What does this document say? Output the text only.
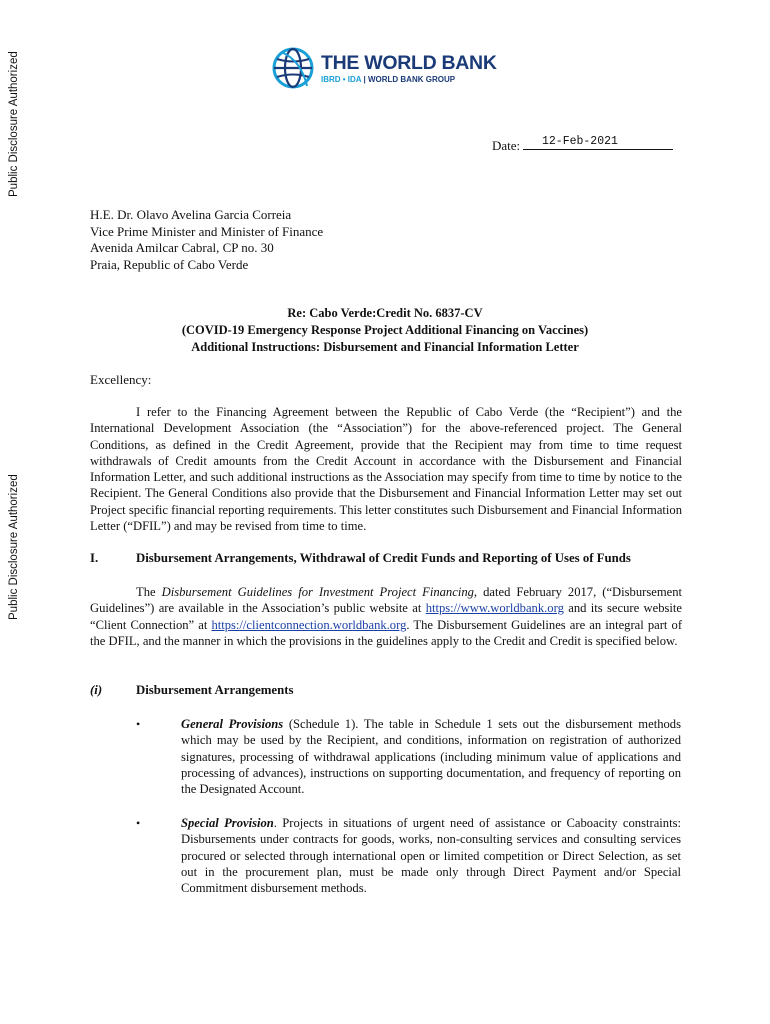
Public Disclosure Authorized
Public Disclosure Authorized
THE WORLD BANK
IBRD • IDA | WORLD BANK GROUP
12-Feb-2021
Date:
H.E. Dr. Olavo Avelina Garcia Correia
Vice Prime Minister and Minister of Finance
Avenida Amilcar Cabral, CP no. 30
Praia, Republic of Cabo Verde
Re: Cabo Verde:Credit No. 6837-CV
(COVID-19 Emergency Response Project Additional Financing on Vaccines)
Additional Instructions: Disbursement and Financial Information Letter
Excellency:
I refer to the Financing Agreement between the Republic of Cabo Verde (the “Recipient”) and the International Development Association (the “Association”) for the above-referenced project. The General Conditions, as defined in the Credit Agreement, provide that the Recipient may from time to time request withdrawals of Credit amounts from the Credit Account in accordance with the Disbursement and Financial Information Letter, and such additional instructions as the Association may specify from time to time by notice to the Recipient. The General Conditions also provide that the Disbursement and Financial Information Letter may set out Project specific financial reporting requirements. This letter constitutes such Disbursement and Financial Information Letter (“DFIL”) and may be revised from time to time.
I.	Disbursement Arrangements, Withdrawal of Credit Funds and Reporting of Uses of Funds
The Disbursement Guidelines for Investment Project Financing, dated February 2017, (“Disbursement Guidelines”) are available in the Association’s public website at https://www.worldbank.org and its secure website “Client Connection” at https://clientconnection.worldbank.org. The Disbursement Guidelines are an integral part of the DFIL, and the manner in which the provisions in the guidelines apply to the Credit and Credit is specified below.
(i)	Disbursement Arrangements
•	General Provisions (Schedule 1). The table in Schedule 1 sets out the disbursement methods which may be used by the Recipient, and conditions, information on registration of authorized signatures, processing of withdrawal applications (including minimum value of applications and processing of advances), instructions on supporting documentation, and frequency of reporting on the Designated Account.
•	Special Provision. Projects in situations of urgent need of assistance or Caboacity constraints: Disbursements under contracts for goods, works, non-consulting services and consulting services procured or selected through international open or limited competition or Direct Selection, as set out in the procurement plan, must be made only through Direct Payment and/or Special Commitment disbursement methods.
